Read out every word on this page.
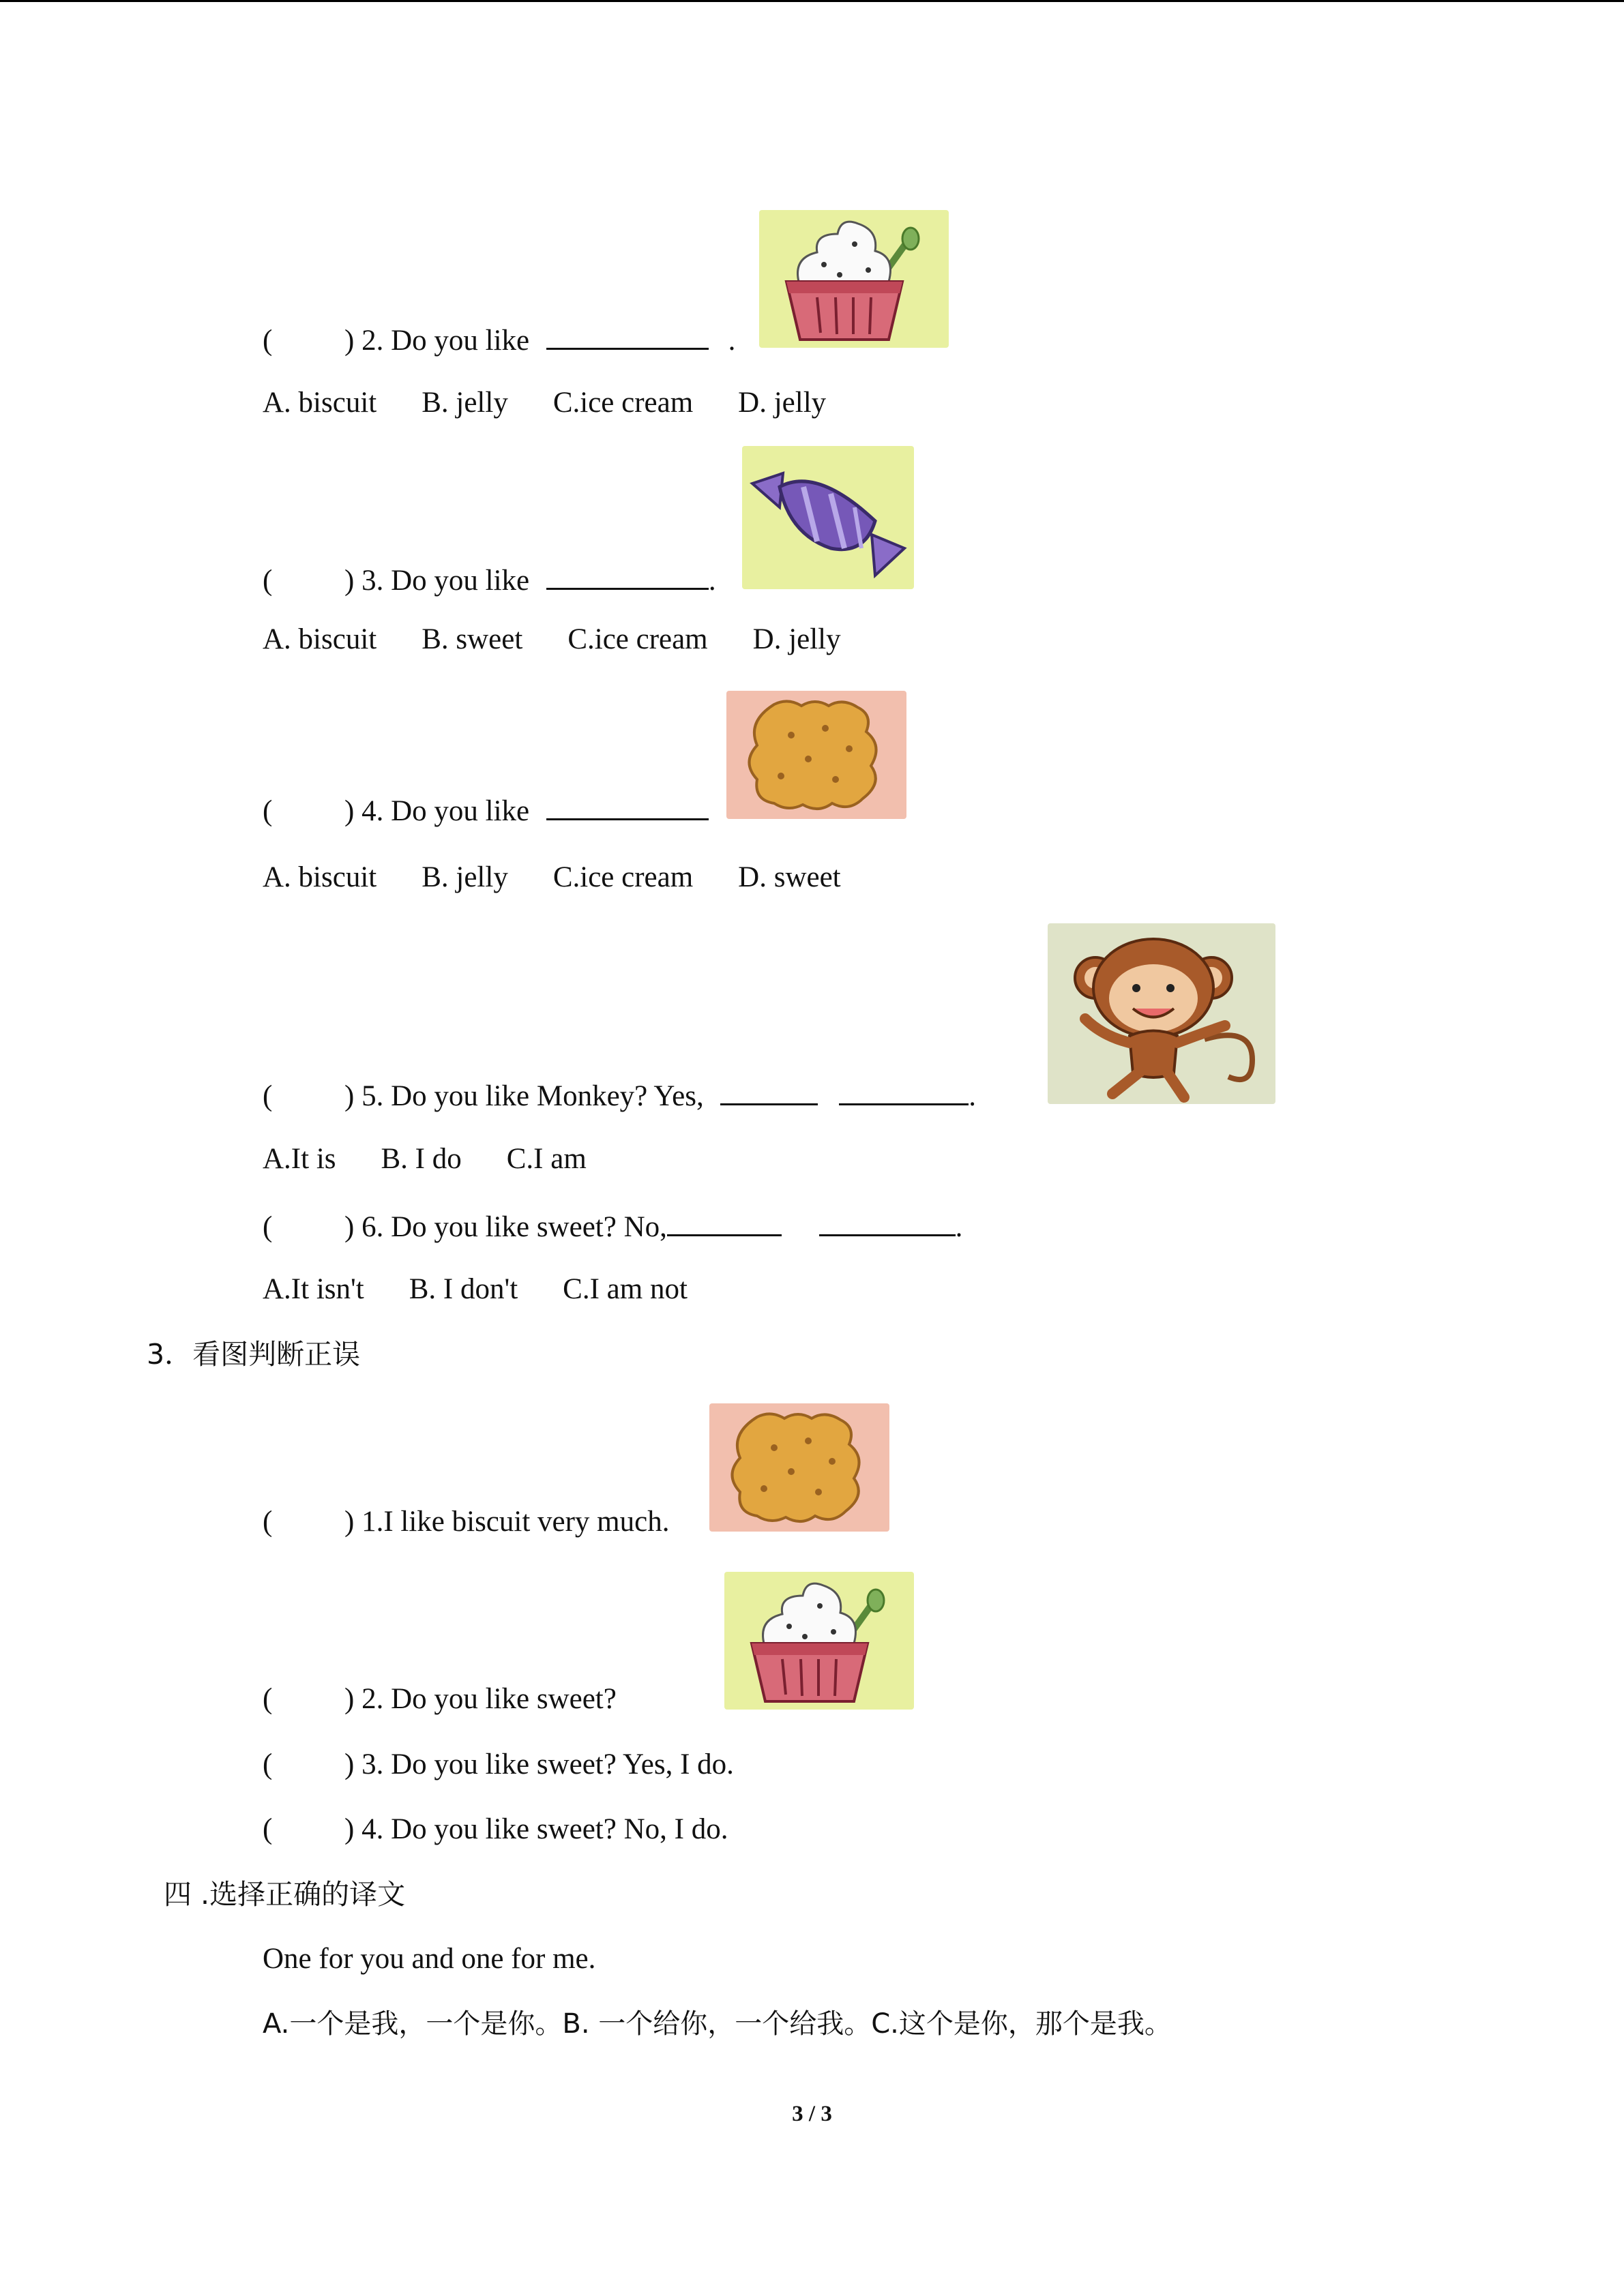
( ) 2. Do you like	.
A. biscuit B. jelly C.ice cream D. jelly
( ) 3. Do you like	.
A. biscuit B. sweet C.ice cream D. jelly
( ) 4. Do you like
A. biscuit B. jelly C.ice cream D. sweet
( ) 5. Do you like Monkey? Yes,	.
A.It is B. I do C.I am
( ) 6. Do you like sweet? No,	.
A.It isn't B. I don't C.I am not
3．看图判断正误
( ) 1.I like biscuit very much.
( ) 2. Do you like sweet?
( ) 3. Do you like sweet? Yes, I do.
( ) 4. Do you like sweet? No, I do.
四 .选择正确的译文
One for you and one for me.
A.一个是我，一个是你。B. 一个给你，一个给我。C.这个是你，那个是我。
3 / 3
